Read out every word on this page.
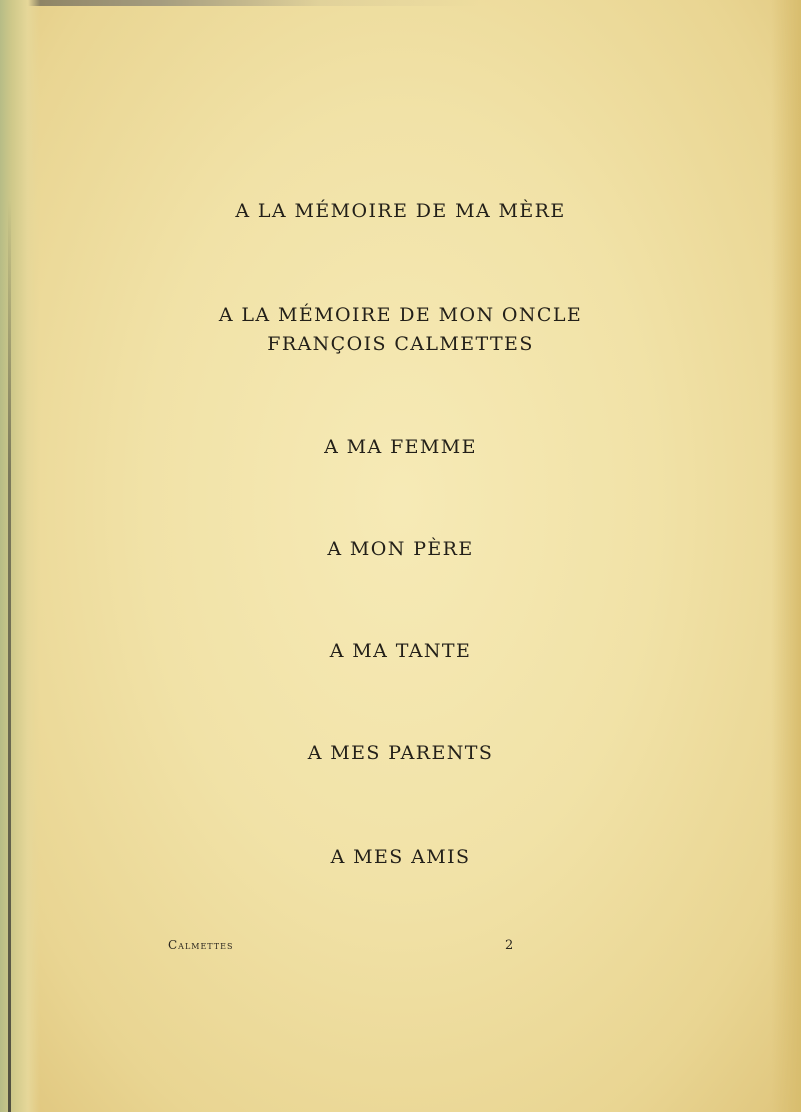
A LA MÉMOIRE DE MA MÈRE
A LA MÉMOIRE DE MON ONCLE
FRANÇOIS CALMETTES
A MA FEMME
A MON PÈRE
A MA TANTE
A MES PARENTS
A MES AMIS
Calmettes	2
